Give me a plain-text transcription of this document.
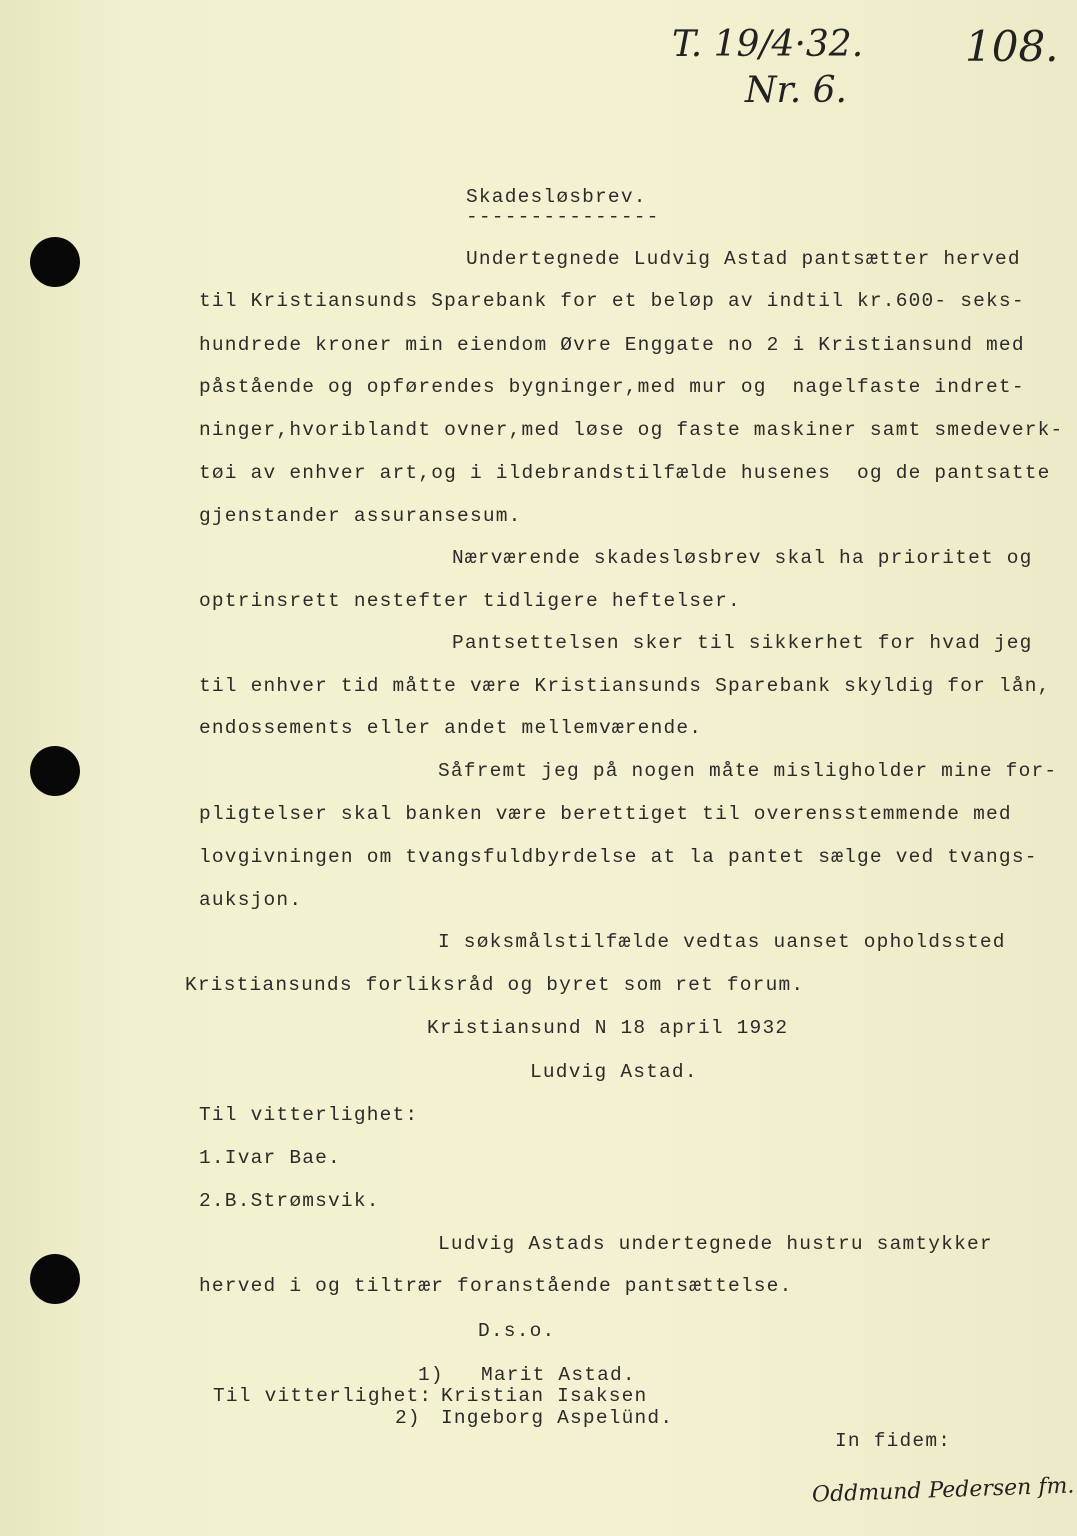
T. 19/4·32.
Nr. 6.
108.
Skadesløsbrev.
---------------
Undertegnede Ludvig Astad pantsætter herved
til Kristiansunds Sparebank for et beløp av indtil kr.600- seks-
hundrede kroner min eiendom Øvre Enggate no 2 i Kristiansund med
påstående og opførendes bygninger,med mur og  nagelfaste indret-
ninger,hvoriblandt ovner,med løse og faste maskiner samt smedeverk-
tøi av enhver art,og i ildebrandstilfælde husenes  og de pantsatte
gjenstander assuransesum.
Nærværende skadesløsbrev skal ha prioritet og
optrinsrett nestefter tidligere heftelser.
Pantsettelsen sker til sikkerhet for hvad jeg
til enhver tid måtte være Kristiansunds Sparebank skyldig for lån,
endossements eller andet mellemværende.
Såfremt jeg på nogen måte misligholder mine for-
pligtelser skal banken være berettiget til overensstemmende med
lovgivningen om tvangsfuldbyrdelse at la pantet sælge ved tvangs-
auksjon.
I søksmålstilfælde vedtas uanset opholdssted
Kristiansunds forliksråd og byret som ret forum.
Kristiansund N 18 april 1932
Ludvig Astad.
Til vitterlighet:
1.Ivar Bae.
2.B.Strømsvik.
Ludvig Astads undertegnede hustru samtykker
herved i og tiltrær foranstående pantsættelse.
D.s.o.
1) Marit Astad.
Til vitterlighet: Kristian Isaksen
2) Ingeborg Aspelünd.
In fidem:
Oddmund Pedersen fm.
